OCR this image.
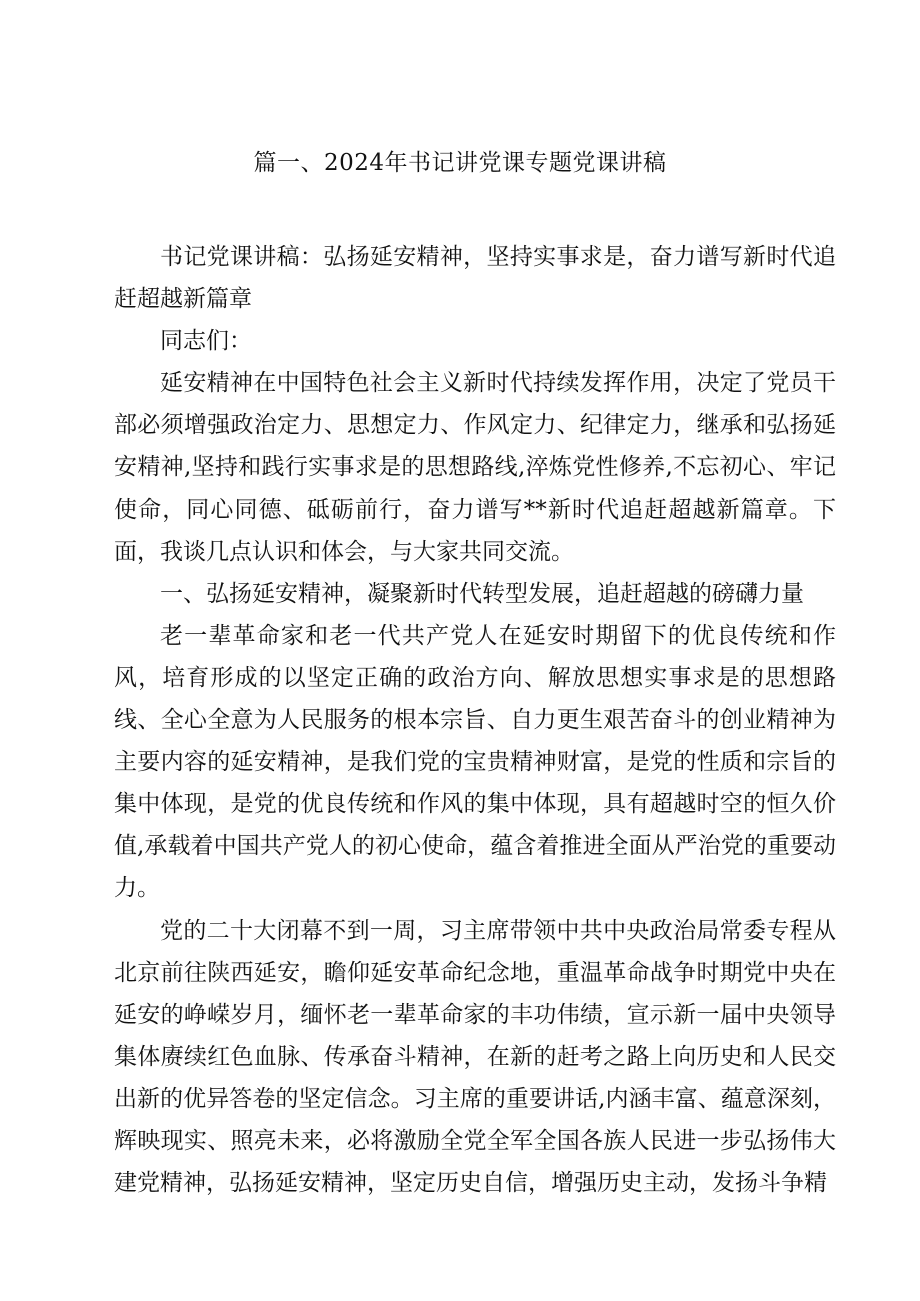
篇一、2024年书记讲党课专题党课讲稿

书记党课讲稿：弘扬延安精神，坚持实事求是，奋力谱写新时代追赶超越新篇章

同志们：

延安精神在中国特色社会主义新时代持续发挥作用，决定了党员干部必须增强政治定力、思想定力、作风定力、纪律定力，继承和弘扬延安精神,坚持和践行实事求是的思想路线,淬炼党性修养,不忘初心、牢记使命，同心同德、砥砺前行，奋力谱写**新时代追赶超越新篇章。下面，我谈几点认识和体会，与大家共同交流。

一、弘扬延安精神，凝聚新时代转型发展，追赶超越的磅礴力量

老一辈革命家和老一代共产党人在延安时期留下的优良传统和作风，培育形成的以坚定正确的政治方向、解放思想实事求是的思想路线、全心全意为人民服务的根本宗旨、自力更生艰苦奋斗的创业精神为主要内容的延安精神，是我们党的宝贵精神财富，是党的性质和宗旨的集中体现，是党的优良传统和作风的集中体现，具有超越时空的恒久价值,承载着中国共产党人的初心使命，蕴含着推进全面从严治党的重要动力。

党的二十大闭幕不到一周，习主席带领中共中央政治局常委专程从北京前往陕西延安，瞻仰延安革命纪念地，重温革命战争时期党中央在延安的峥嵘岁月，缅怀老一辈革命家的丰功伟绩，宣示新一届中央领导集体赓续红色血脉、传承奋斗精神，在新的赶考之路上向历史和人民交出新的优异答卷的坚定信念。习主席的重要讲话,内涵丰富、蕴意深刻，辉映现实、照亮未来，必将激励全党全军全国各族人民进一步弘扬伟大建党精神，弘扬延安精神，坚定历史自信，增强历史主动，发扬斗争精
